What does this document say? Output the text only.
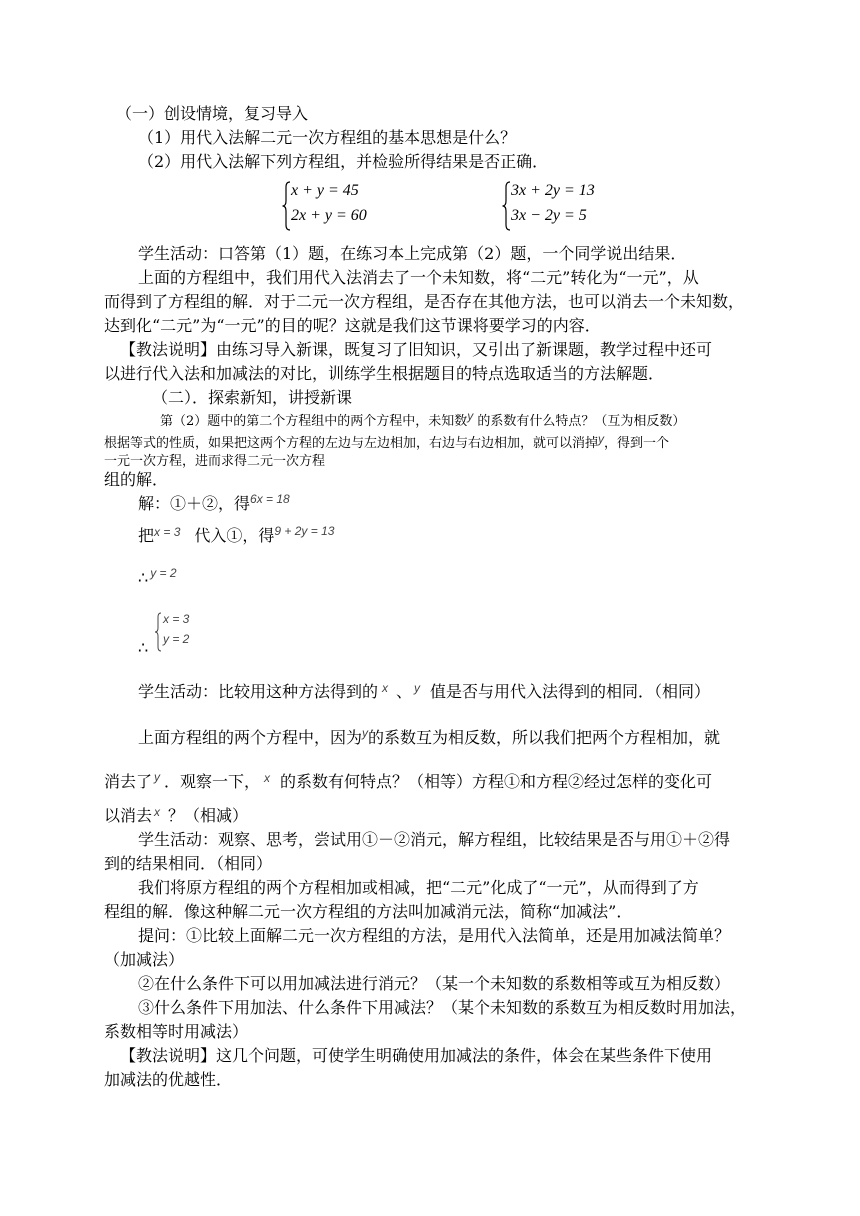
（一）创设情境，复习导入
（1）用代入法解二元一次方程组的基本思想是什么？
（2）用代入法解下列方程组，并检验所得结果是否正确．
x + y = 45
2x + y = 60
3x + 2y = 13
3x − 2y = 5
学生活动：口答第（1）题，在练习本上完成第（2）题，一个同学说出结果．
上面的方程组中，我们用代入法消去了一个未知数，将“二元”转化为“一元”，从
而得到了方程组的解．对于二元一次方程组，是否存在其他方法，也可以消去一个未知数，
达到化“二元”为“一元”的目的呢？这就是我们这节课将要学习的内容．
【教法说明】由练习导入新课，既复习了旧知识，又引出了新课题，教学过程中还可
以进行代入法和加减法的对比，训练学生根据题目的特点选取适当的方法解题．
（二）．探索新知，讲授新课
第（2）题中的第二个方程组中的两个方程中，未知数y 的系数有什么特点？（互为相反数）
根据等式的性质，如果把这两个方程的左边与左边相加，右边与右边相加，就可以消掉y，得到一个
一元一次方程，进而求得二元一次方程
组的解．
解：①＋②，得$^{6x = 18}$
把$^{x = 3}$ 代入①，得$^{9 + 2y = 13}$
∴ $^{y = 2}$
∴
x = 3
y = 2
学生活动：比较用这种方法得到的 $^x$ 、 $^y$ 值是否与用代入法得到的相同．（相同）
上面方程组的两个方程中，因为$^y$的系数互为相反数，所以我们把两个方程相加，就
消去了 $^y$ ．观察一下， $^x$ 的系数有何特点？（相等）方程①和方程②经过怎样的变化可
以消去 $^x$ ？（相减）
学生活动：观察、思考，尝试用①－②消元，解方程组，比较结果是否与用①＋②得
到的结果相同．（相同）
我们将原方程组的两个方程相加或相减，把“二元”化成了“一元”，从而得到了方
程组的解．像这种解二元一次方程组的方法叫加减消元法，简称“加减法”．
提问：①比较上面解二元一次方程组的方法，是用代入法简单，还是用加减法简单？
（加减法）
②在什么条件下可以用加减法进行消元？（某一个未知数的系数相等或互为相反数）
③什么条件下用加法、什么条件下用减法？（某个未知数的系数互为相反数时用加法，
系数相等时用减法）
【教法说明】这几个问题，可使学生明确使用加减法的条件，体会在某些条件下使用
加减法的优越性．
